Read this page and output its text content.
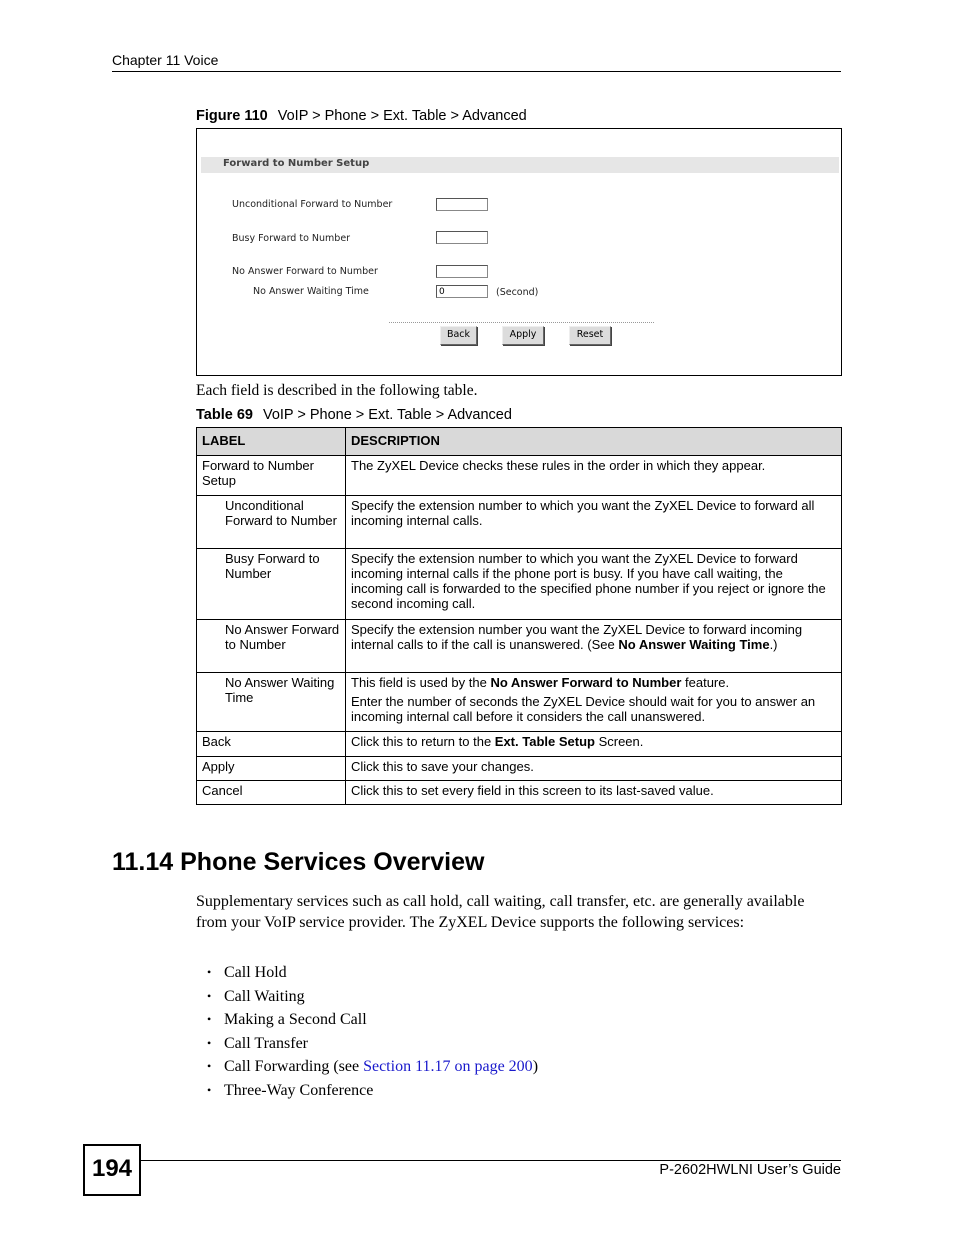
Chapter 11 Voice
Figure 110 VoIP > Phone > Ext. Table > Advanced
Forward to Number Setup
Unconditional Forward to Number
Busy Forward to Number
No Answer Forward to Number
No Answer Waiting Time	0	(Second)
Back	Apply	Reset
Each field is described in the following table.
Table 69 VoIP > Phone > Ext. Table > Advanced
LABEL	DESCRIPTION
Forward to Number Setup	The ZyXEL Device checks these rules in the order in which they appear.
Unconditional Forward to Number	Specify the extension number to which you want the ZyXEL Device to forward all incoming internal calls.
Busy Forward to Number	Specify the extension number to which you want the ZyXEL Device to forward incoming internal calls if the phone port is busy. If you have call waiting, the incoming call is forwarded to the specified phone number if you reject or ignore the second incoming call.
No Answer Forward to Number	Specify the extension number you want the ZyXEL Device to forward incoming internal calls to if the call is unanswered. (See No Answer Waiting Time.)
No Answer Waiting Time	This field is used by the No Answer Forward to Number feature.

Enter the number of seconds the ZyXEL Device should wait for you to answer an incoming internal call before it considers the call unanswered.

Back	Click this to return to the Ext. Table Setup Screen.
Apply	Click this to save your changes.
Cancel	Click this to set every field in this screen to its last-saved value.
11.14 Phone Services Overview
Supplementary services such as call hold, call waiting, call transfer, etc. are generally available from your VoIP service provider. The ZyXEL Device supports the following services:
• Call Hold
• Call Waiting
• Making a Second Call
• Call Transfer
• Call Forwarding (see Section 11.17 on page 200)
• Three-Way Conference
194	P-2602HWLNI User’s Guide
